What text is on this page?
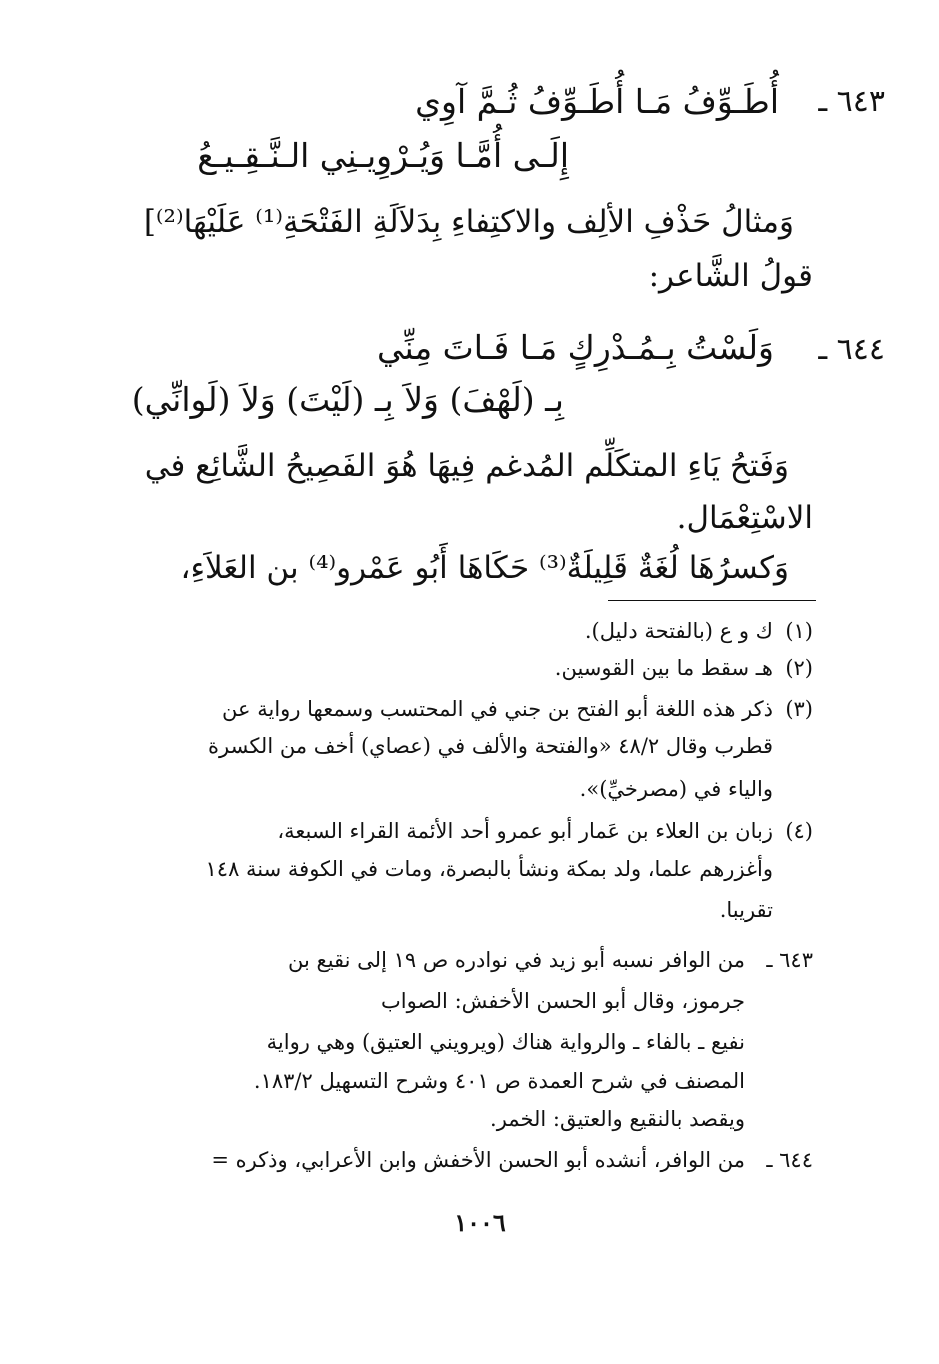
٦٤٣ ـ
أُطَـوِّفُ مَـا أُطَـوِّفُ ثُـمَّ آوِي
إِلَـى أُمَّـا وَيُـرْوِيـنِي الـنَّـقِـيـعُ
وَمثالُ حَذْفِ الألِف والاكتِفاءِ بِدَلاَلَةِ الفَتْحَةِ⁽¹⁾ عَلَيْهَا⁽²⁾]
قولُ الشَّاعر:
٦٤٤ ـ
وَلَسْتُ بِـمُـدْرِكٍ مَـا فَـاتَ مِنِّي
بِـ (لَهْفَ) وَلاَ بِـ (لَيْتَ) وَلاَ (لَوانِّي)
وَفَتحُ يَاءِ المتكَلِّم المُدغم فِيهَا هُوَ الفَصِيحُ الشَّائِع في
الاسْتِعْمَال.
وَكسرُهَا لُغَةٌ قَلِيلَةٌ⁽³⁾ حَكَاهَا أَبُو عَمْرو⁽⁴⁾ بن العَلاَءِ،
(١)
ك و ع (بالفتحة دليل).
(٢)
هـ سقط ما بين القوسين.
(٣)
ذكر هذه اللغة أبو الفتح بن جني في المحتسب وسمعها رواية عن
قطرب وقال ٤٨/٢ «والفتحة والألف في (عصاي) أخف من الكسرة
والياء في (مصرخيِّ)».
(٤)
زبان بن العلاء بن عَمار أبو عمرو أحد الأئمة القراء السبعة،
وأغزرهم علما، ولد بمكة ونشأ بالبصرة، ومات في الكوفة سنة ١٤٨
تقريبا.
٦٤٣ ـ
من الوافر نسبه أبو زيد في نوادره ص ١٩ إلى نقيع بن
جرموز، وقال أبو الحسن الأخفش: الصواب
نفيع ـ بالفاء ـ والرواية هناك (ويرويني العتيق) وهي رواية
المصنف في شرح العمدة ص ٤٠١ وشرح التسهيل ١٨٣/٢.
ويقصد بالنقيع والعتيق: الخمر.
٦٤٤ ـ
من الوافر، أنشده أبو الحسن الأخفش وابن الأعرابي، وذكره =
١٠٠٦
